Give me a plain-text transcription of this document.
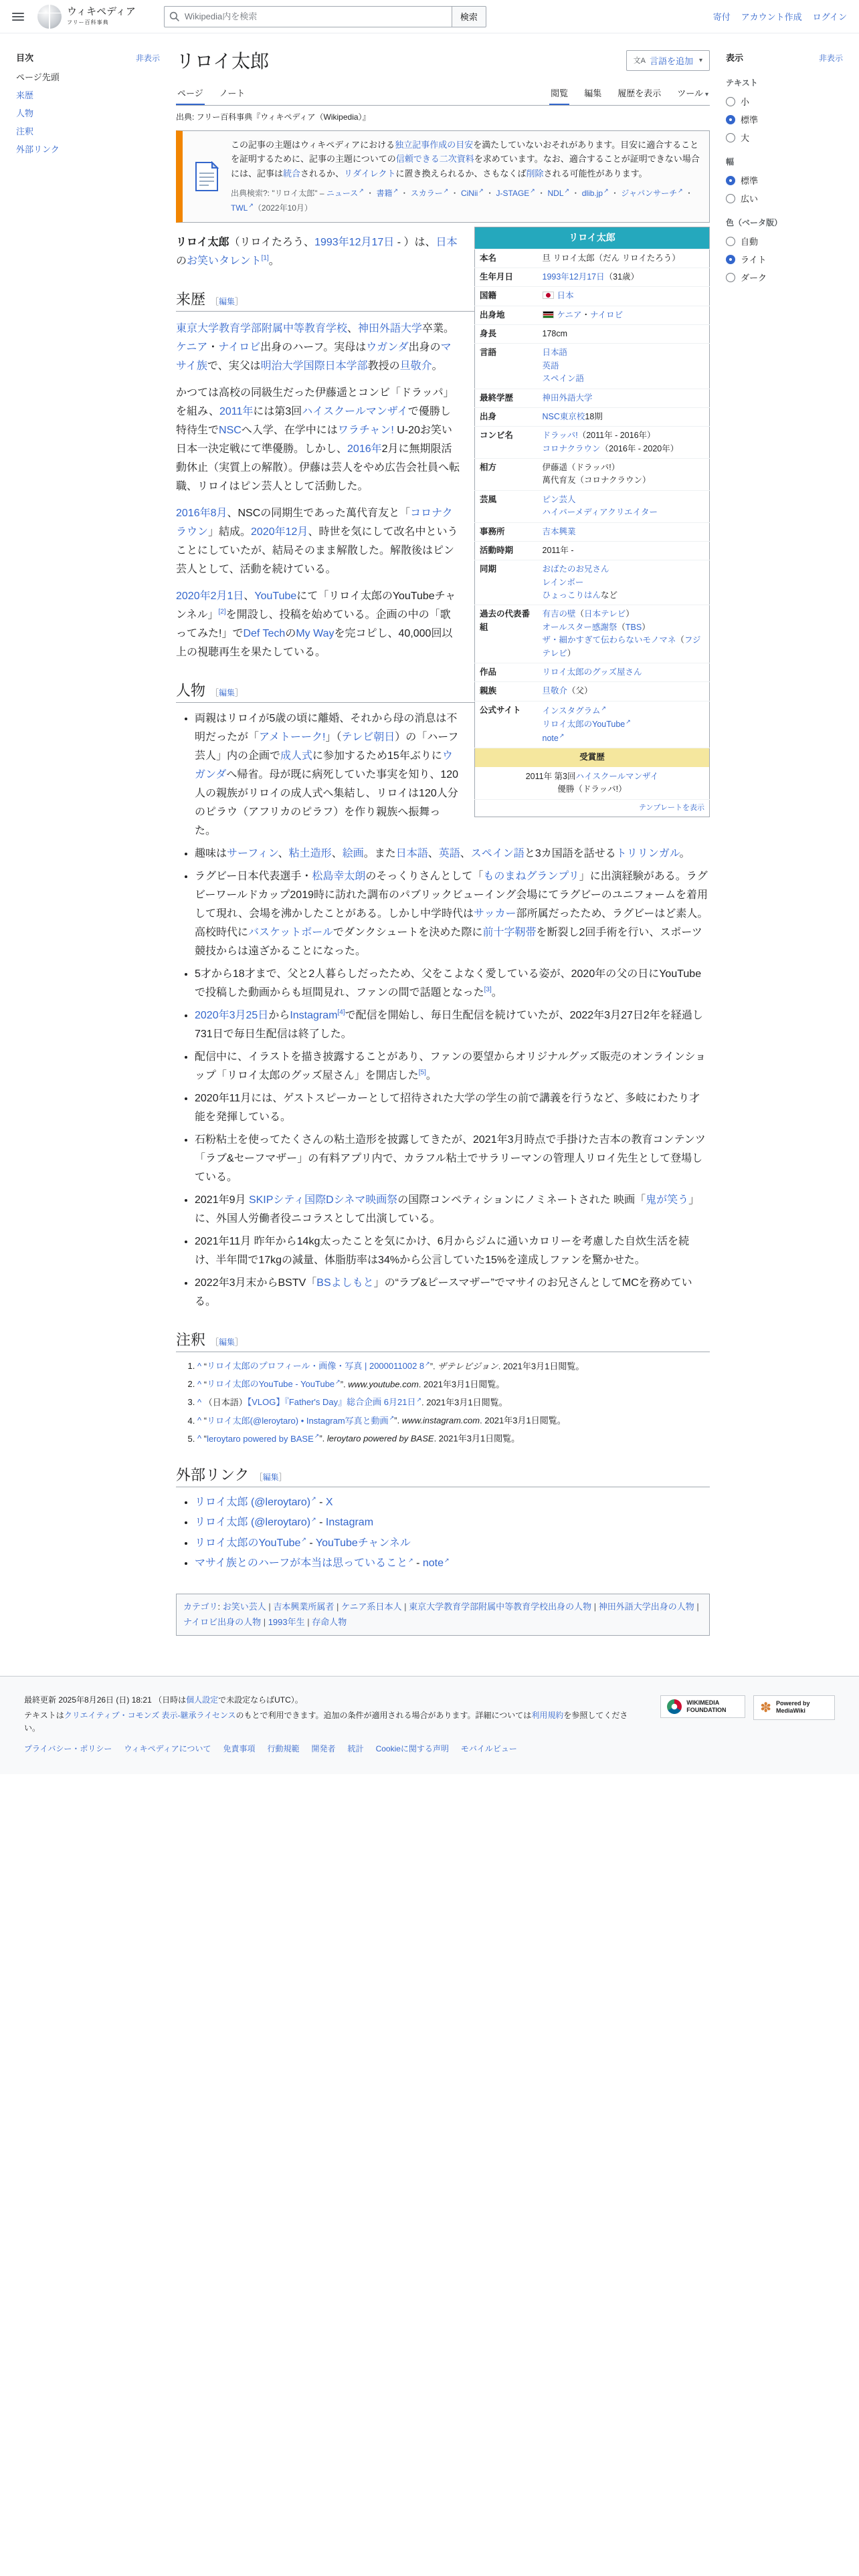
ウィキペディア
フリー百科事典
Wikipedia内を検索
検索	寄付 アカウント作成 ログイン
目次	非表示
ページ先頭
来歴
人物
注釈
外部リンク
リロイ太郎	文A 言語を追加 ▾
ページ ノート	閲覧 編集 履歴を表示 ツール ▾
出典: フリー百科事典『ウィキペディア（Wikipedia）』
この記事の主題はウィキペディアにおける独立記事作成の目安を満たしていないおそれがあります。目安に適合することを証明するために、記事の主題についての信頼できる二次資料を求めています。なお、適合することが証明できない場合には、記事は統合されるか、リダイレクトに置き換えられるか、さもなくば削除される可能性があります。
出典検索?: "リロイ太郎" – ニュース ↗ ・ 書籍 ↗ ・ スカラー ↗ ・ CiNii ↗ ・ J-STAGE ↗ ・ NDL ↗ ・ dlib.jp ↗ ・ ジャパンサーチ ↗ ・ TWL ↗ （2022年10月）
リロイ太郎	
本名	旦 リロイ太郎（だん リロイたろう）
生年月日	1993年12月17日（31歳）
国籍	日本
出身地	ケニア・ナイロビ
身長	178cm
言語	日本語
英語
スペイン語
最終学歴	神田外語大学
出身	NSC東京校18期
コンビ名	ドラッパ!（2011年 - 2016年）
コロナクラウン（2016年 - 2020年）
相方	伊藤遥（ドラッパ!）
萬代育友（コロナクラウン）
芸風	ピン芸人
ハイパーメディアクリエイター
事務所	吉本興業
活動時期	2011年 -
同期	おばたのお兄さん
レインボー
ひょっこりはんなど
過去の代表番組	有吉の壁（日本テレビ）
オールスター感謝祭（TBS）
ザ・細かすぎて伝わらないモノマネ（フジテレビ）
作品	リロイ太郎のグッズ屋さん
親族	旦敬介（父）
公式サイト	インスタグラム ↗
リロイ太郎のYouTube ↗
note ↗
受賞歴	
2011年 第3回ハイスクールマンザイ
優勝（ドラッパ!）	
テンプレートを表示	

リロイ太郎（リロイたろう、1993年12月17日 - ）は、日本のお笑いタレント[1]。

来歴 ［ 編集 ］

東京大学教育学部附属中等教育学校、神田外語大学卒業。ケニア・ナイロビ出身のハーフ。実母はウガンダ出身のマサイ族で、実父は明治大学国際日本学部教授の旦敬介。

かつては高校の同級生だった伊藤遥とコンビ「ドラッパ」を組み、2011年には第3回ハイスクールマンザイで優勝し特待生でNSCへ入学、在学中にはワラチャン! U-20お笑い日本一決定戦にて準優勝。しかし、2016年2月に無期限活動休止（実質上の解散）。伊藤は芸人をやめ広告会社員へ転職、リロイはピン芸人として活動した。

2016年8月、NSCの同期生であった萬代育友と「コロナクラウン」結成。2020年12月、時世を気にして改名中ということにしていたが、結局そのまま解散した。解散後はピン芸人として、活動を続けている。

2020年2月1日、YouTubeにて「リロイ太郎のYouTubeチャンネル」[2]を開設し、投稿を始めている。企画の中の「歌ってみた!」でDef TechのMy Wayを完コピし、40,000回以上の視聴再生を果たしている。

人物 ［ 編集 ］
• 両親はリロイが5歳の頃に離婚、それから母の消息は不明だったが「アメトーーク!」（テレビ朝日）の「ハーフ芸人」内の企画で成人式に参加するため15年ぶりにウガンダへ帰省。母が既に病死していた事実を知り、120人の親族がリロイの成人式へ集結し、リロイは120人分のピラウ（アフリカのピラフ）を作り親族へ振舞った。
• 趣味はサーフィン、粘土造形、絵画。また日本語、英語、スペイン語と3カ国語を話せるトリリンガル。
• ラグビー日本代表選手・松島幸太朗のそっくりさんとして「ものまねグランプリ」に出演経験がある。ラグビーワールドカップ2019時に訪れた調布のパブリックビューイング会場にてラグビーのユニフォームを着用して現れ、会場を沸かしたことがある。しかし中学時代はサッカー部所属だったため、ラグビーはど素人。高校時代にバスケットボールでダンクシュートを決めた際に前十字靭帯を断裂し2回手術を行い、スポーツ競技からは遠ざかることになった。
• 5才から18才まで、父と2人暮らしだったため、父をこよなく愛している姿が、2020年の父の日にYouTubeで投稿した動画からも垣間見れ、ファンの間で話題となった[3]。
• 2020年3月25日からInstagram[4]で配信を開始し、毎日生配信を続けていたが、2022年3月27日2年を経過し731日で毎日生配信は終了した。
• 配信中に、イラストを描き披露することがあり、ファンの要望からオリジナルグッズ販売のオンラインショップ「リロイ太郎のグッズ屋さん」を開店した[5]。
• 2020年11月には、ゲストスピーカーとして招待された大学の学生の前で講義を行うなど、多岐にわたり才能を発揮している。
• 石粉粘土を使ってたくさんの粘土造形を披露してきたが、2021年3月時点で手掛けた吉本の教育コンテンツ「ラブ&セーフマザー」の有料アプリ内で、カラフル粘土でサラリーマンの管理人リロイ先生として登場している。
• 2021年9月 SKIPシティ国際Dシネマ映画祭の国際コンペティションにノミネートされた 映画「鬼が笑う」に、外国人労働者役ニコラスとして出演している。
• 2021年11月 昨年から14kg太ったことを気にかけ、6月からジムに通いカロリーを考慮した自炊生活を続け、半年間で17kgの減量、体脂肪率は34%から公言していた15%を達成しファンを驚かせた。
• 2022年3月末からBSTV「BSよしもと」の“ラブ&ピースマザー”でマサイのお兄さんとしてMCを務めている。
注釈 ［ 編集 ］
1. ^ “リロイ太郎のプロフィール・画像・写真 | 2000011002 8 ↗ ”. ザテレビジョン. 2021年3月1日閲覧。
2. ^ “リロイ太郎のYouTube - YouTube ↗ ”. www.youtube.com. 2021年3月1日閲覧。
3. ^ （日本語）【VLOG】『Father's Day』総合企画 6月21日 ↗ . 2021年3月1日閲覧。
4. ^ “リロイ太郎(@leroytaro) • Instagram写真と動画 ↗ ”. www.instagram.com. 2021年3月1日閲覧。
5. ^ “leroytaro powered by BASE ↗ ”. leroytaro powered by BASE. 2021年3月1日閲覧。
外部リンク ［ 編集 ］
• リロイ太郎 (@leroytaro) ↗ - X
• リロイ太郎 (@leroytaro) ↗ - Instagram
• リロイ太郎のYouTube ↗ - YouTubeチャンネル
• マサイ族とのハーフが本当は思っていること ↗ - note ↗
カテゴリ: お笑い芸人 | 吉本興業所属者 | ケニア系日本人 | 東京大学教育学部附属中等教育学校出身の人物 | 神田外語大学出身の人物 | ナイロビ出身の人物 | 1993年生 | 存命人物
表示	非表示
テキスト
小
標準
大
幅
標準
広い
色（ベータ版）
自動
ライト
ダーク

最終更新 2025年8月26日 (日) 18:21 （日時は個人設定で未設定ならばUTC）。

テキストはクリエイティブ・コモンズ 表示-継承ライセンスのもとで利用できます。追加の条件が適用される場合があります。詳細については利用規約を参照してください。

プライバシー・ポリシー ウィキペディアについて 免責事項 行動規範 開発者 統計 Cookieに関する声明 モバイルビュー
WIKIMEDIA FOUNDATION	✽ Powered by MediaWiki
